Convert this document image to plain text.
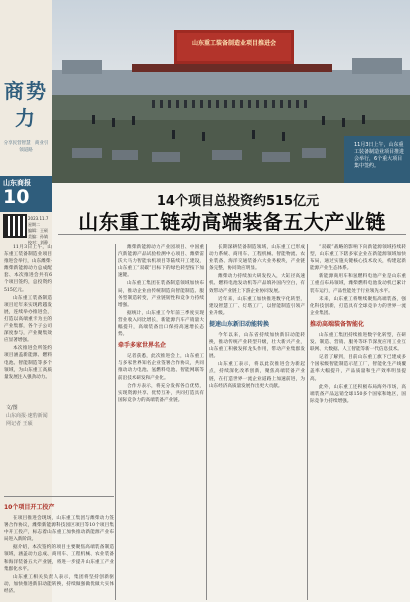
商势力
分享民营智慧   商业引领道路
山东商报
10
2023.11.7
星期二
编辑：王硕
美编：孙婧
校对：刘静
山东重工装备制造业项目推进会
11月3日上午，山东重工装备制造业项目推进会举行，6个重大项目集中签约。
14个项目总投资约515亿元
山东重工链动高端装备五大产业链

11月3日上午，山东重工装备制造业项目推进会举行，山东潍柴·潍柴新能源动力总成配套、本次推进会共有6个项目签约，总投资约515亿元。

山东重工装备制造项目近年来实现跨越发展，连续举办推进会，打造以高端重卡为主的产业集群，各个子公司深度参与，产业聚集效应显著增强。

本次推进会所签约项目涵盖新能源、燃料电池、智能制造等多个领域，为山东重工高质量发展注入强劲动力。

文/图
山东商报·速豹新闻网记者 王硕
10个项目开工投产

在项目推进会现场，山东重工集团与潍柴动力签署合作协议，潍柴新能源科技园区项目等10个项目集中开工投产，标志着山东重工加快推动新能源产业布局进入新阶段。

据介绍，本次签约的项目主要聚焦高端装备制造领域，涵盖动力总成、商用车、工程机械、农业装备和海洋装备五大产业链，将进一步提升山东重工产业集群化水平。

山东重工相关负责人表示，集团将坚持创新驱动，加快推进新旧动能转换，持续做强做优做大实体经济。

潍柴新能源动力产业园项目、中国重汽新能源产品试验检测中心项目、潍柴雷沃大马力智能农机项目等陆续开工建设，山东重工“双碳”目标下的绿色转型按下加速键。

山东重工集团在装备制造领域加快布局，推动企业由传统制造向智能制造、服务型制造转变，产业链韧性和竞争力持续增强。

据统计，山东重工今年前三季度实现营业收入同比增长，新能源汽车产销量大幅提升，高端装备出口保持高速增长态势。

牵手多家世界名企

记者获悉，此次推进会上，山东重工与多家世界知名企业签署合作协议，共同推动动力电池、氢燃料电池、智能网联等前沿技术研发和产业化。

合作方表示，将充分发挥各自优势，实现资源共享、优势互补，共同打造具有国际竞争力的高端装备产业链。

长期深耕装备制造领域，山东重工已形成动力系统、商用车、工程机械、智能物流、农业装备、海洋交通装备六大业务板块，产业链条完整，协同效应明显。

潍柴动力持续加大研发投入，大缸径高速机、燃料电池发动机等产品填补国内空白，有效带动产业链上下游企业协同发展。

近年来，山东重工加快推进数字化转型，建设智慧工厂、灯塔工厂，以智能制造引领产业升级。

提速山东新旧动能转换

今年以来，山东省持续加快新旧动能转换，推动传统产业转型升级，壮大新兴产业，山东重工积极发挥龙头作用，带动产业集群发展。

山东重工表示，将以此次推进会为新起点，持续深化改革创新，聚焦高端装备产业链，在打造世界一流企业道路上加速前进，为山东经济高质量发展作出更大贡献。

“双碳”战略的影响下向新能源领域持续转型，山东重工下辖多家企业在新能源领域加快布局，通过实施关键核心技术攻关，构建起新能源产业生态体系。

新能源商用车和氢燃料电池产业是山东重工重点布局领域，潍柴燃料电池发动机已累计装车运行，产品性能处于行业领先水平。

未来，山东重工将继续聚焦高端装备，强化科技创新，打造具有全球竞争力的世界一流企业集团。

推动高端装备智能化

山东重工集团持续推进数字化转型，在研发、制造、营销、服务等环节深度应用工业互联网、大数据、人工智能等新一代信息技术。

记者了解到，目前山东重工旗下已建成多个国家级智能制造示范工厂，智能化生产线覆盖率大幅提升，产品质量和生产效率明显提高。

此外，山东重工还积极布局海外市场，高端装备产品远销全球150多个国家和地区，国际竞争力持续增强。
